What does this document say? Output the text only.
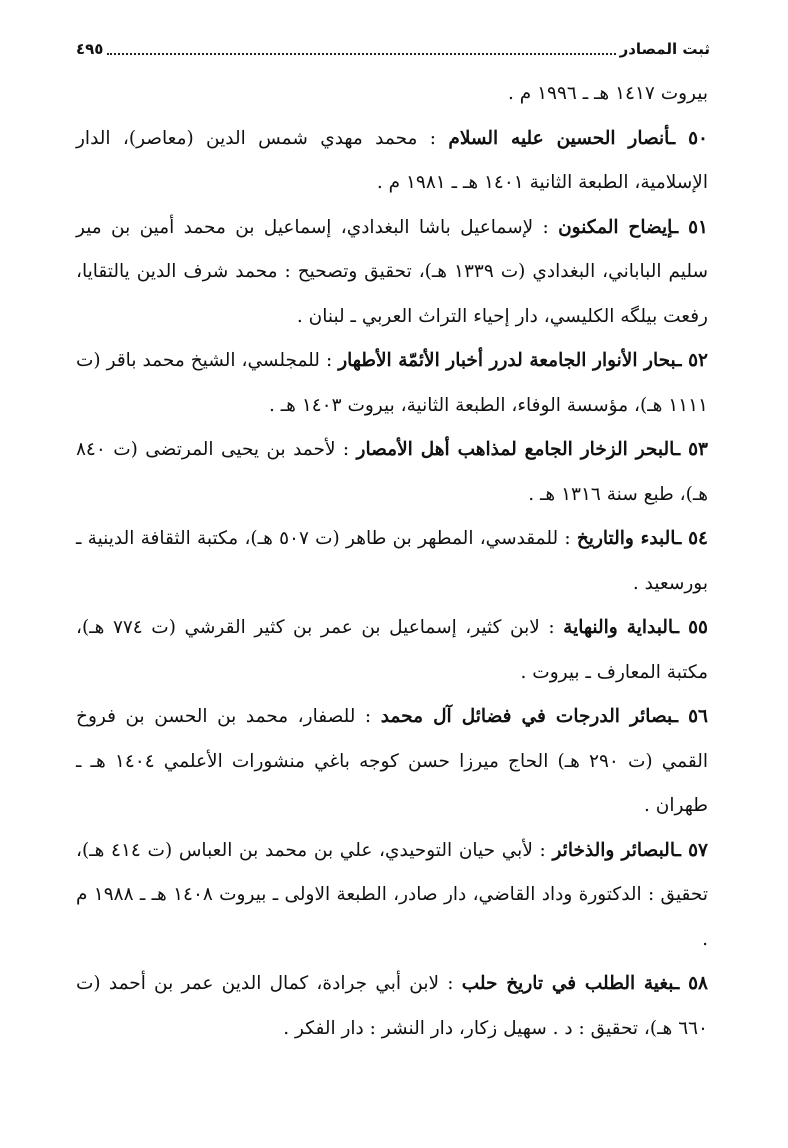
ثبت المصادر
٤٩٥

بيروت ١٤١٧ هـ ـ ١٩٩٦ م .

٥٠ ـأنصار الحسين عليه السلام : محمد مهدي شمس الدين (معاصر)، الدار الإسلامية، الطبعة الثانية ١٤٠١ هـ ـ ١٩٨١ م .

٥١ ـإيضاح المكنون : لإسماعيل باشا البغدادي، إسماعيل بن محمد أمين بن مير سليم الباباني، البغدادي (ت ١٣٣٩ هـ)، تحقيق وتصحيح : محمد شرف الدين يالتقايا، رفعت بيلگه الكليسي، دار إحياء التراث العربي ـ لبنان .

٥٢ ـبحار الأنوار الجامعة لدرر أخبار الأئمّة الأطهار : للمجلسي، الشيخ محمد باقر (ت ١١١١ هـ)، مؤسسة الوفاء، الطبعة الثانية، بيروت ١٤٠٣ هـ .

٥٣ ـالبحر الزخار الجامع لمذاهب أهل الأمصار : لأحمد بن يحيى المرتضى (ت ٨٤٠ هـ)، طبع سنة ١٣١٦ هـ .

٥٤ ـالبدء والتاريخ : للمقدسي، المطهر بن طاهر (ت ٥٠٧ هـ)، مكتبة الثقافة الدينية ـ بورسعيد .

٥٥ ـالبداية والنهاية : لابن كثير، إسماعيل بن عمر بن كثير القرشي (ت ٧٧٤ هـ)، مكتبة المعارف ـ بيروت .

٥٦ ـبصائر الدرجات في فضائل آل محمد : للصفار، محمد بن الحسن بن فروخ القمي (ت ٢٩٠ هـ) الحاج ميرزا حسن كوجه باغي منشورات الأعلمي ١٤٠٤ هـ ـ طهران .

٥٧ ـالبصائر والذخائر : لأبي حيان التوحيدي، علي بن محمد بن العباس (ت ٤١٤ هـ)، تحقيق : الدكتورة وداد القاضي، دار صادر، الطبعة الاولى ـ بيروت ١٤٠٨ هـ ـ ١٩٨٨ م .

٥٨ ـبغية الطلب في تاريخ حلب : لابن أبي جرادة، كمال الدين عمر بن أحمد (ت ٦٦٠ هـ)، تحقيق : د . سهيل زكار، دار النشر : دار الفكر .
